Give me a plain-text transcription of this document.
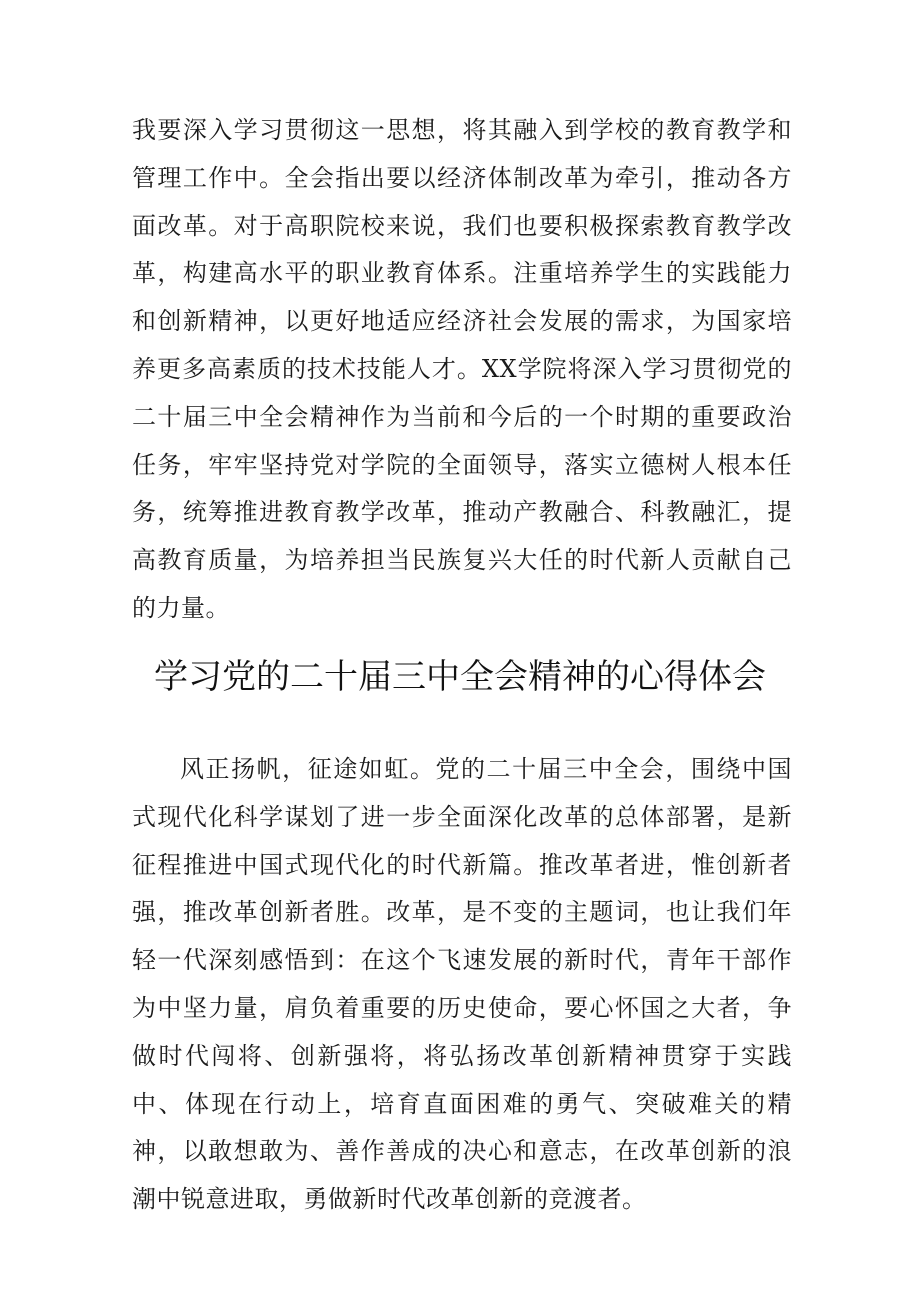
我要深入学习贯彻这一思想，将其融入到学校的教育教学和管理工作中。全会指出要以经济体制改革为牵引，推动各方面改革。对于高职院校来说，我们也要积极探索教育教学改革，构建高水平的职业教育体系。注重培养学生的实践能力和创新精神，以更好地适应经济社会发展的需求，为国家培养更多高素质的技术技能人才。XX学院将深入学习贯彻党的二十届三中全会精神作为当前和今后的一个时期的重要政治任务，牢牢坚持党对学院的全面领导，落实立德树人根本任务，统筹推进教育教学改革，推动产教融合、科教融汇，提高教育质量，为培养担当民族复兴大任的时代新人贡献自己的力量。

学习党的二十届三中全会精神的心得体会

风正扬帆，征途如虹。党的二十届三中全会，围绕中国式现代化科学谋划了进一步全面深化改革的总体部署，是新征程推进中国式现代化的时代新篇。推改革者进，惟创新者强，推改革创新者胜。改革，是不变的主题词，也让我们年轻一代深刻感悟到：在这个飞速发展的新时代，青年干部作为中坚力量，肩负着重要的历史使命，要心怀国之大者，争做时代闯将、创新强将，将弘扬改革创新精神贯穿于实践中、体现在行动上，培育直面困难的勇气、突破难关的精神，以敢想敢为、善作善成的决心和意志，在改革创新的浪潮中锐意进取，勇做新时代改革创新的竞渡者。
